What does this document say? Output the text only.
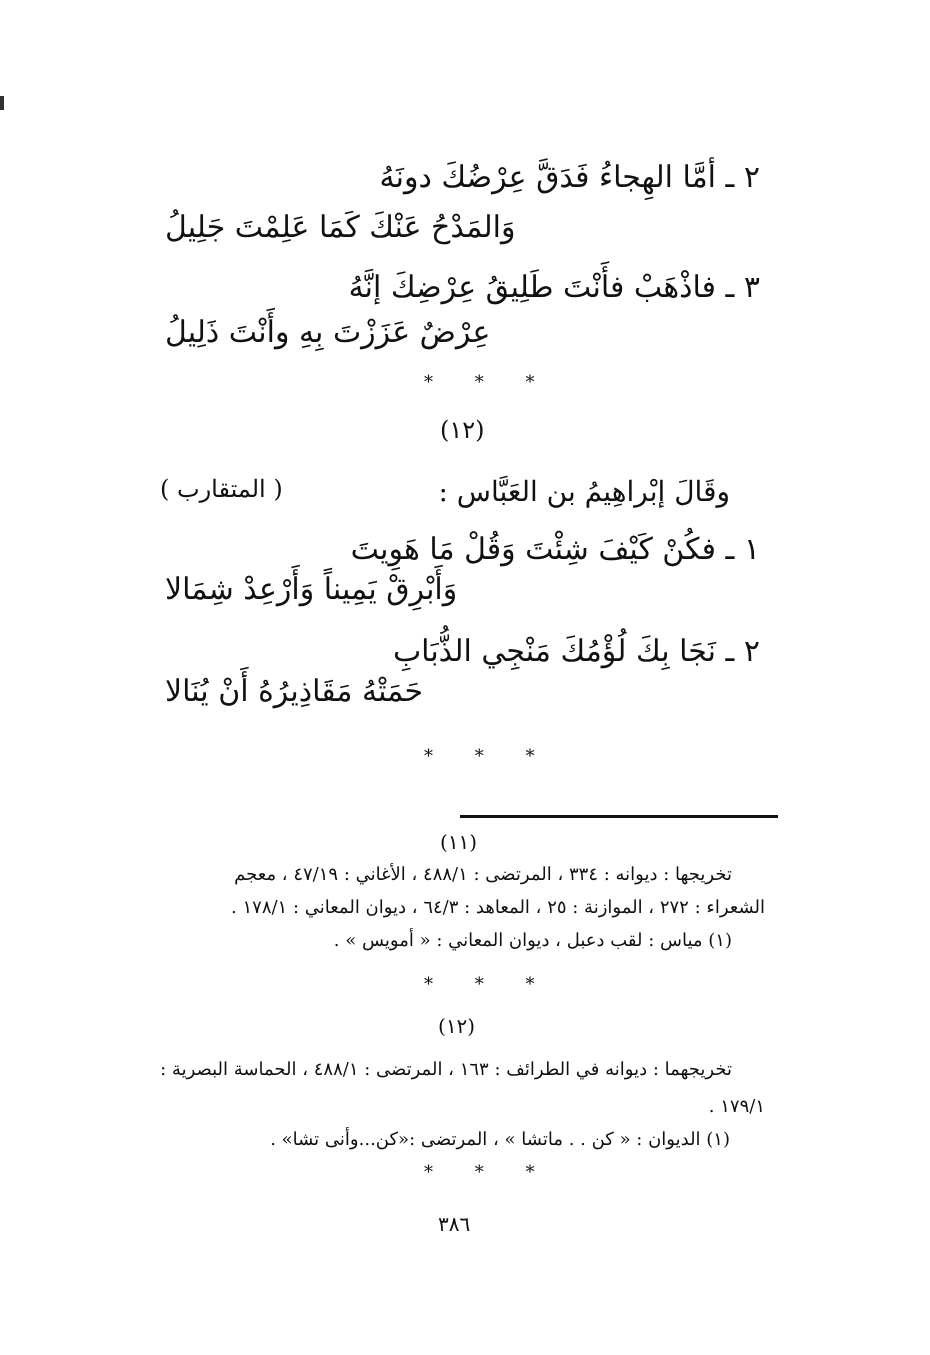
٢ ـ أمَّا الهِجاءُ فَدَقَّ عِرْضُكَ دونَهُ
وَالمَدْحُ عَنْكَ كَمَا عَلِمْتَ جَلِيلُ
٣ ـ فاذْهَبْ فأَنْتَ طَلِيقُ عِرْضِكَ إنَّهُ
عِرْضٌ عَزَزْتَ بِهِ وأَنْتَ ذَلِيلُ
* * *
(١٢)
وقَالَ إبْراهِيمُ بن العَبَّاس :
( المتقارب )
١ ـ فكُنْ كَيْفَ شِئْتَ وَقُلْ مَا هَوِيتَ
وَأَبْرِقْ يَمِيناً وَأَرْعِدْ شِمَالا
٢ ـ نَجَا بِكَ لُؤْمُكَ مَنْجِي الذُّبَابِ
حَمَتْهُ مَقَاذِيرُهُ أَنْ يُنَالا
* * *
(١١)
تخريجها : ديوانه : ٣٣٤ ، المرتضى : ٤٨٨/١ ، الأغاني : ٤٧/١٩ ، معجم
الشعراء : ٢٧٢ ، الموازنة : ٢٥ ، المعاهد : ٦٤/٣ ، ديوان المعاني : ١٧٨/١ .
(١) مياس : لقب دعبل ، ديوان المعاني : « أمويس » .
* * *
(١٢)
تخريجهما : ديوانه في الطرائف : ١٦٣ ، المرتضى : ٤٨٨/١ ، الحماسة البصرية :
١٧٩/١ .
(١) الديوان : « كن . . ماتشا » ، المرتضى :«كن...وأنى تشا» .
* * *
٣٨٦
